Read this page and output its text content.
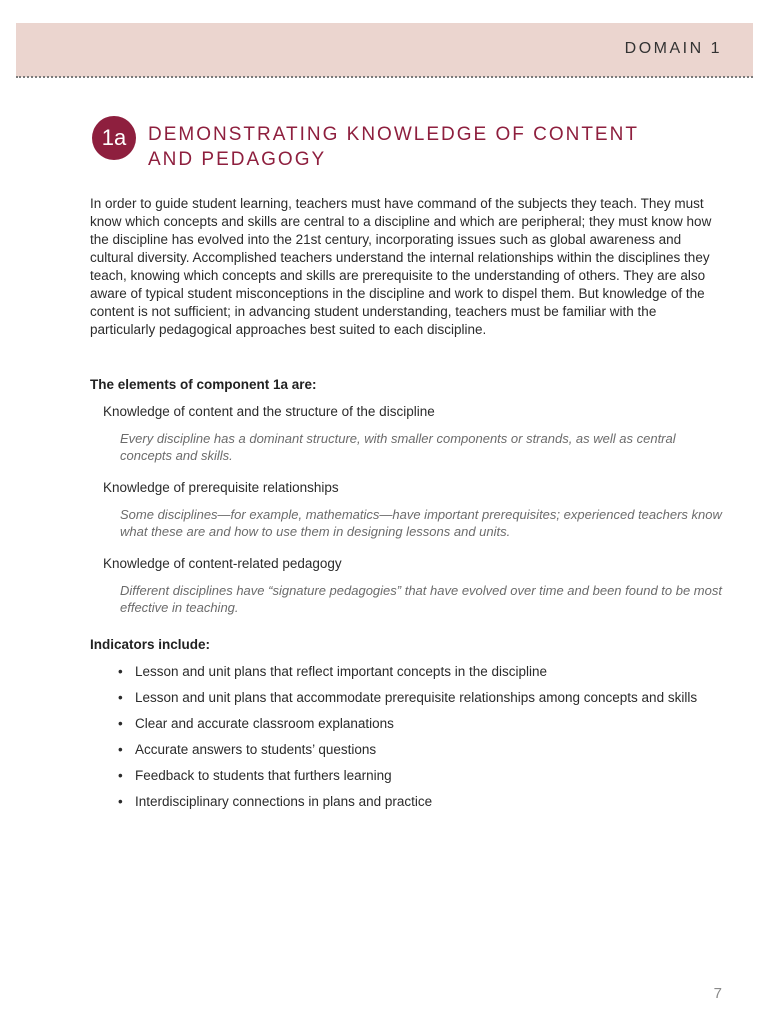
DOMAIN 1
1a	DEMONSTRATING KNOWLEDGE OF CONTENT
AND PEDAGOGY
In order to guide student learning, teachers must have command of the subjects they teach. They must know which concepts and skills are central to a discipline and which are peripheral; they must know how the discipline has evolved into the 21st century, incorporating issues such as global awareness and cultural diversity. Accomplished teachers understand the internal relationships within the disciplines they teach, knowing which concepts and skills are prerequisite to the understanding of others. They are also aware of typical student misconceptions in the discipline and work to dispel them. But knowledge of the content is not sufficient; in advancing student understanding, teachers must be familiar with the particularly pedagogical approaches best suited to each discipline.
The elements of component 1a are:
Knowledge of content and the structure of the discipline
Every discipline has a dominant structure, with smaller components or strands, as well as central concepts and skills.
Knowledge of prerequisite relationships
Some disciplines—for example, mathematics—have important prerequisites; experienced teachers know what these are and how to use them in designing lessons and units.
Knowledge of content-related pedagogy
Different disciplines have “signature pedagogies” that have evolved over time and been found to be most effective in teaching.
Indicators include:
• Lesson and unit plans that reflect important concepts in the discipline
• Lesson and unit plans that accommodate prerequisite relationships among concepts and skills
• Clear and accurate classroom explanations
• Accurate answers to students’ questions
• Feedback to students that furthers learning
• Interdisciplinary connections in plans and practice
7
